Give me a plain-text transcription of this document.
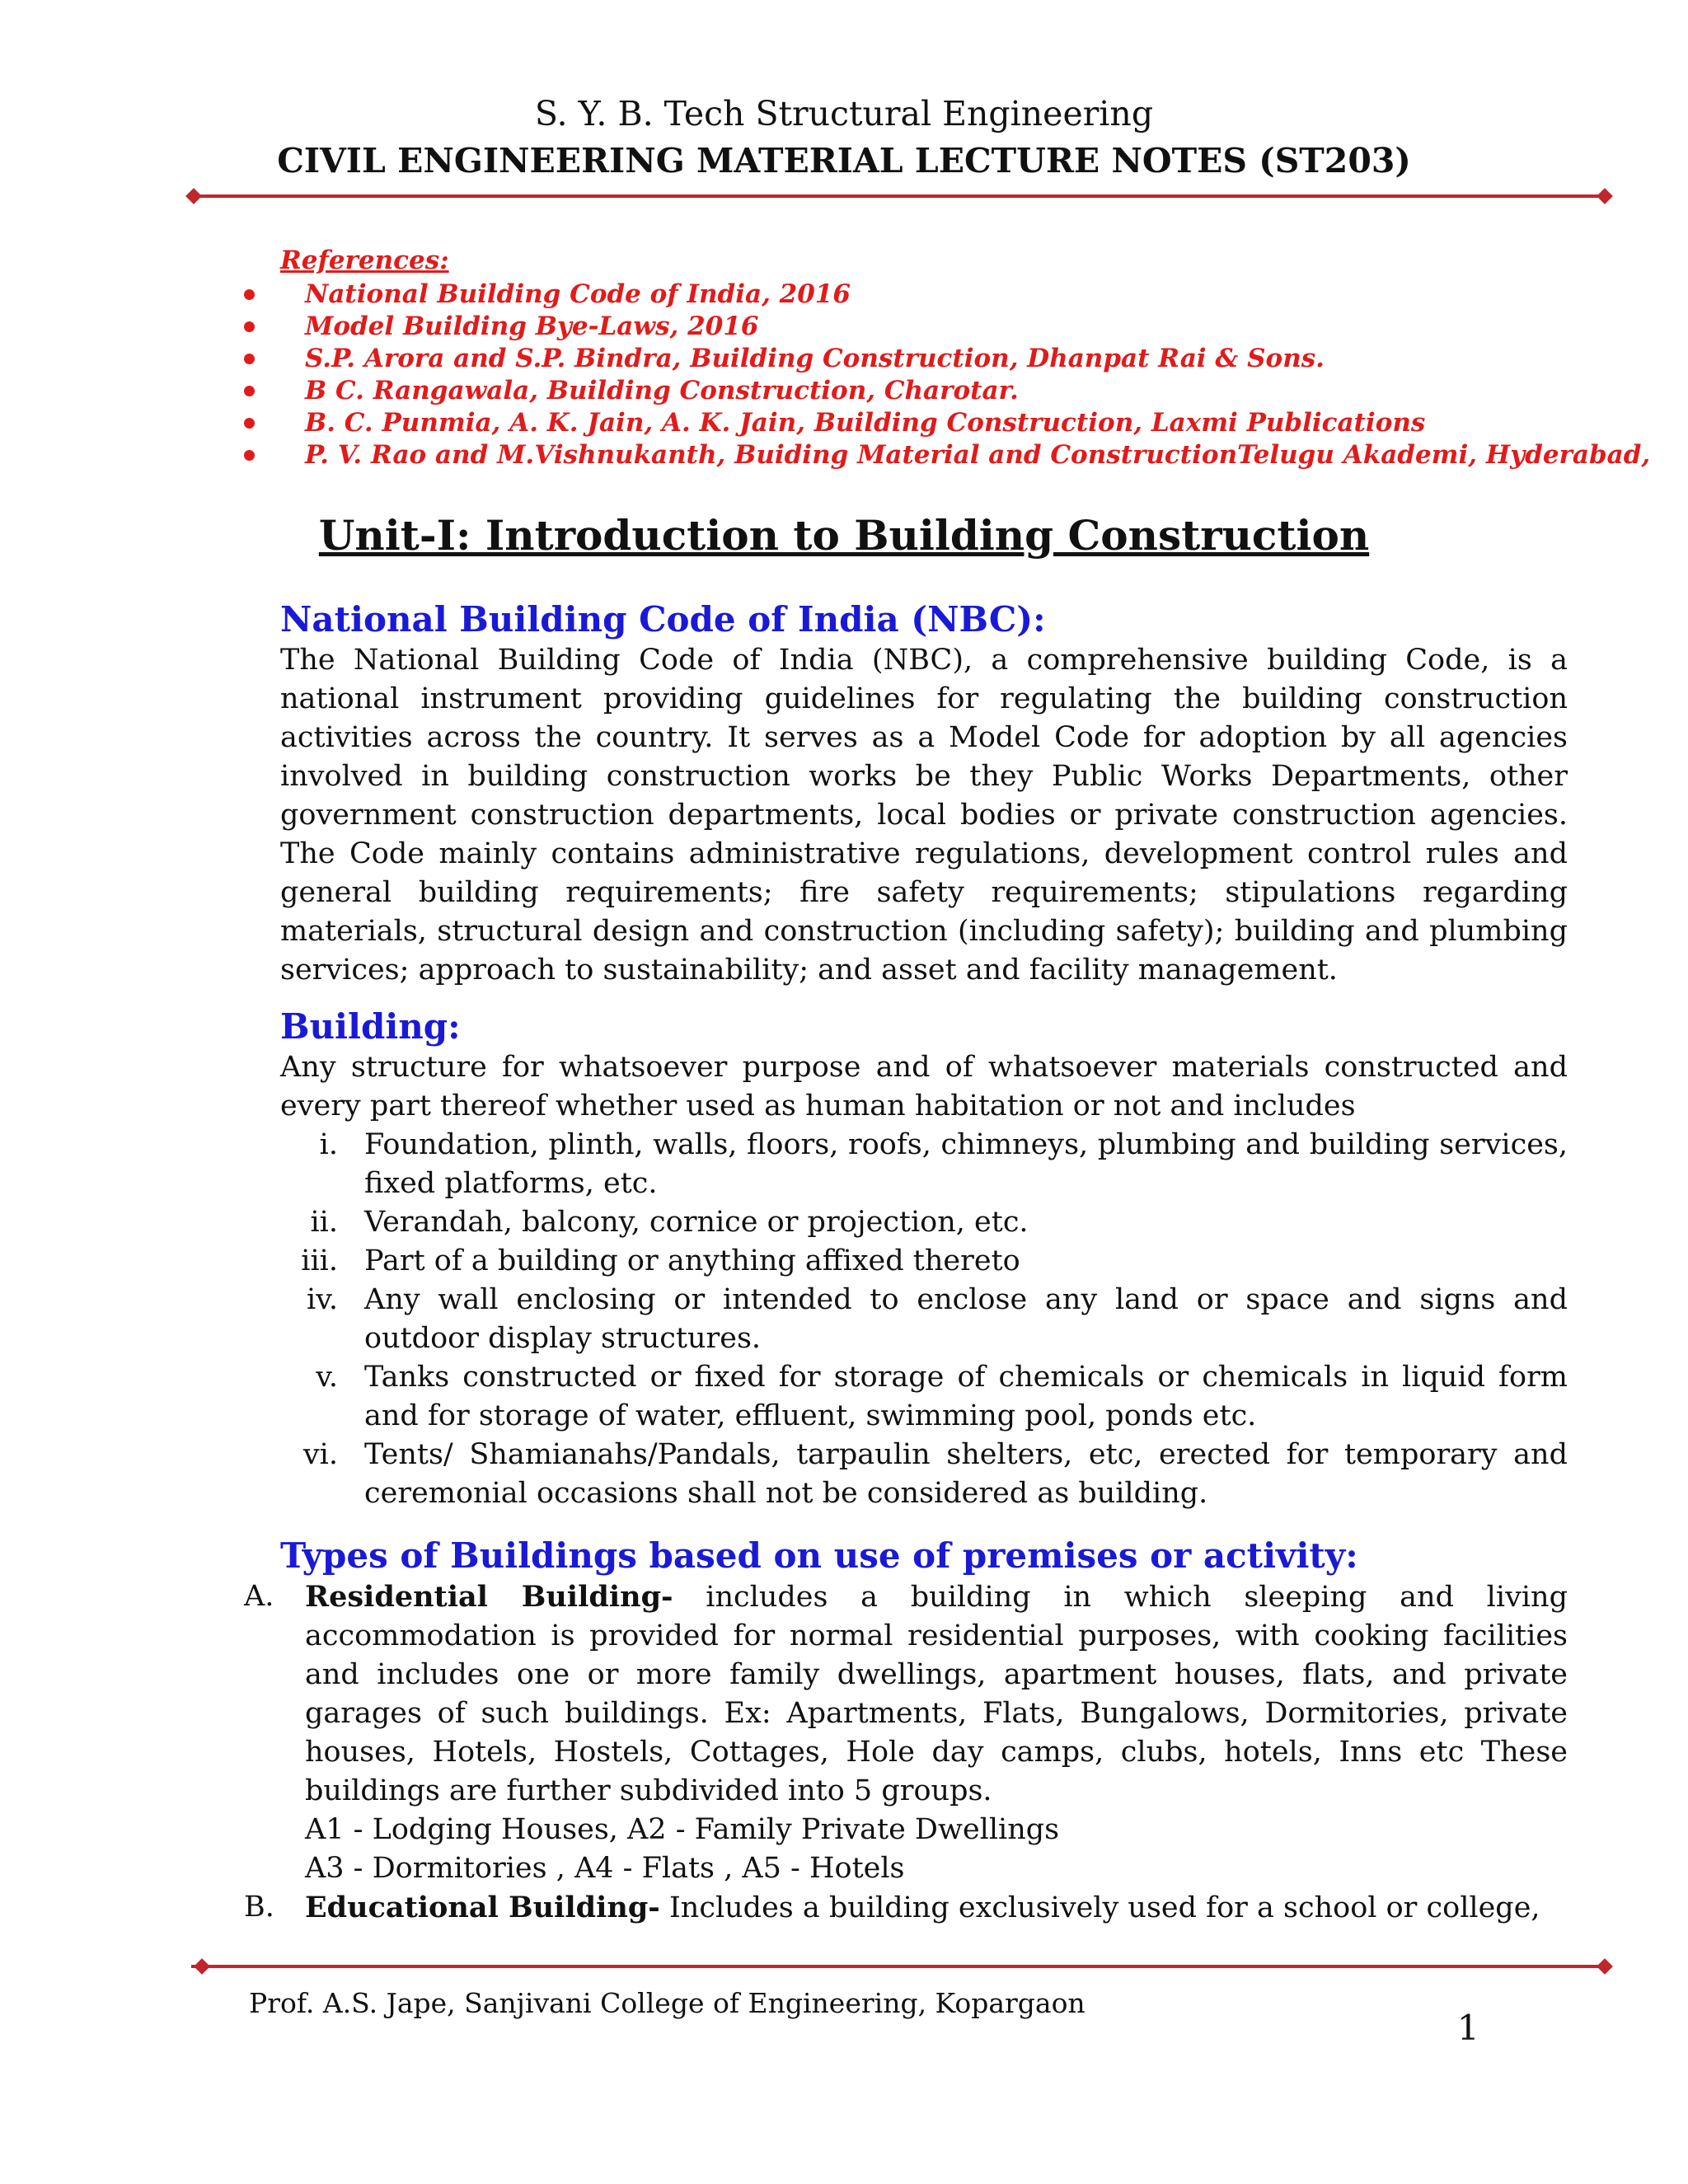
S. Y. B. Tech Structural Engineering
CIVIL ENGINEERING MATERIAL LECTURE NOTES (ST203)
References:
National Building Code of India, 2016
Model Building Bye-Laws, 2016
S.P. Arora and S.P. Bindra, Building Construction, Dhanpat Rai & Sons.
B C. Rangawala, Building Construction, Charotar.
B. C. Punmia, A. K. Jain, A. K. Jain, Building Construction, Laxmi Publications
P. V. Rao and M.Vishnukanth, Buiding Material and ConstructionTelugu Akademi, Hyderabad,
Unit-I: Introduction to Building Construction
National Building Code of India (NBC):
The National Building Code of India (NBC), a comprehensive building Code, is a national instrument providing guidelines for regulating the building construction activities across the country. It serves as a Model Code for adoption by all agencies involved in building construction works be they Public Works Departments, other government construction departments, local bodies or private construction agencies. The Code mainly contains administrative regulations, development control rules and general building requirements; fire safety requirements; stipulations regarding materials, structural design and construction (including safety); building and plumbing services; approach to sustainability; and asset and facility management.
Building:
Any structure for whatsoever purpose and of whatsoever materials constructed and every part thereof whether used as human habitation or not and includes
i. Foundation, plinth, walls, floors, roofs, chimneys, plumbing and building services, fixed platforms, etc.
ii. Verandah, balcony, cornice or projection, etc.
iii. Part of a building or anything affixed thereto
iv. Any wall enclosing or intended to enclose any land or space and signs and outdoor display structures.
v. Tanks constructed or fixed for storage of chemicals or chemicals in liquid form and for storage of water, effluent, swimming pool, ponds etc.
vi. Tents/ Shamianahs/Pandals, tarpaulin shelters, etc, erected for temporary and ceremonial occasions shall not be considered as building.
Types of Buildings based on use of premises or activity:
A. Residential Building- includes a building in which sleeping and living accommodation is provided for normal residential purposes, with cooking facilities and includes one or more family dwellings, apartment houses, flats, and private garages of such buildings. Ex: Apartments, Flats, Bungalows, Dormitories, private houses, Hotels, Hostels, Cottages, Hole day camps, clubs, hotels, Inns etc These buildings are further subdivided into 5 groups.
A1 - Lodging Houses, A2 - Family Private Dwellings
A3 - Dormitories , A4 - Flats , A5 - Hotels
B. Educational Building- Includes a building exclusively used for a school or college,
Prof. A.S. Jape, Sanjivani College of Engineering, Kopargaon
1
